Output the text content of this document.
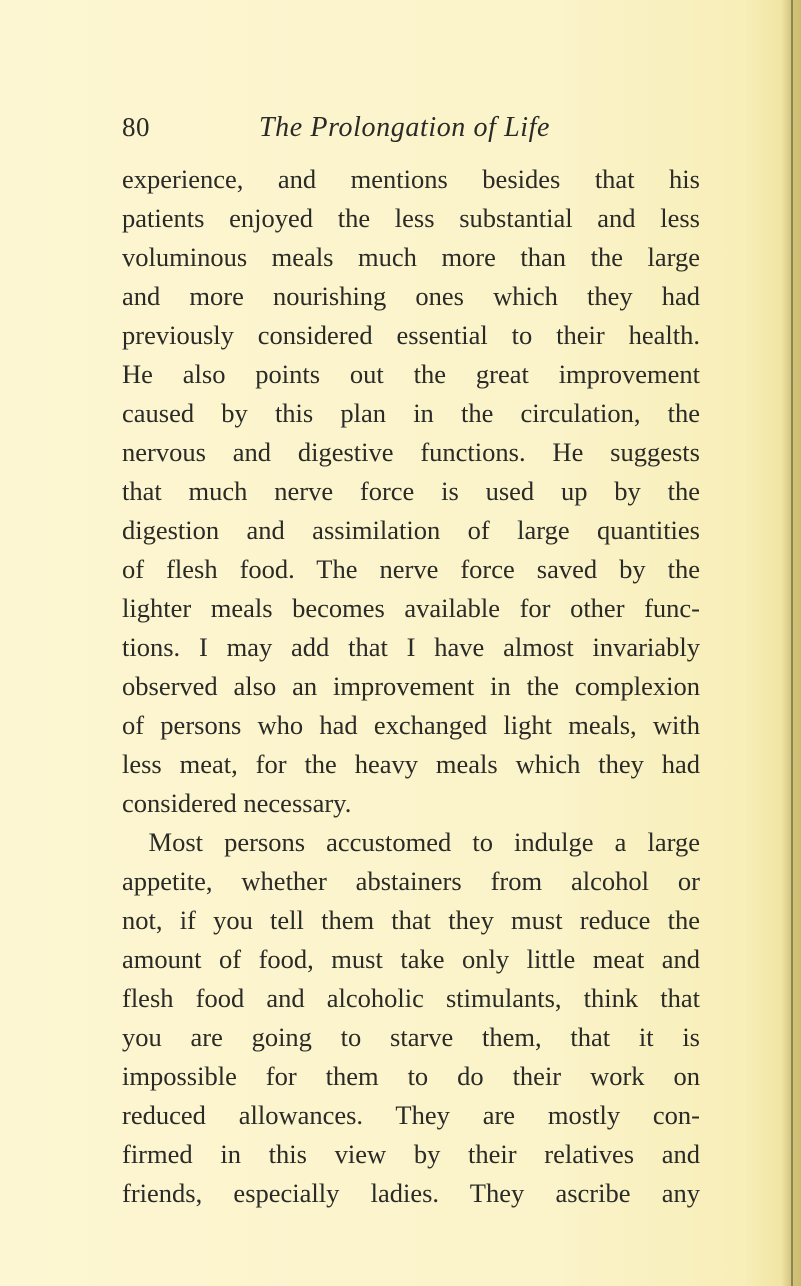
80	The Prolongation of Life
experience, and mentions besides that his
patients enjoyed the less substantial and less
voluminous meals much more than the large
and more nourishing ones which they had
previously considered essential to their health.
He also points out the great improvement
caused by this plan in the circulation, the
nervous and digestive functions. He suggests
that much nerve force is used up by the
digestion and assimilation of large quantities
of flesh food. The nerve force saved by the
lighter meals becomes available for other func-
tions. I may add that I have almost invariably
observed also an improvement in the complexion
of persons who had exchanged light meals, with
less meat, for the heavy meals which they had
considered necessary.
 Most persons accustomed to indulge a large
appetite, whether abstainers from alcohol or
not, if you tell them that they must reduce the
amount of food, must take only little meat and
flesh food and alcoholic stimulants, think that
you are going to starve them, that it is
impossible for them to do their work on
reduced allowances. They are mostly con-
firmed in this view by their relatives and
friends, especially ladies. They ascribe any
